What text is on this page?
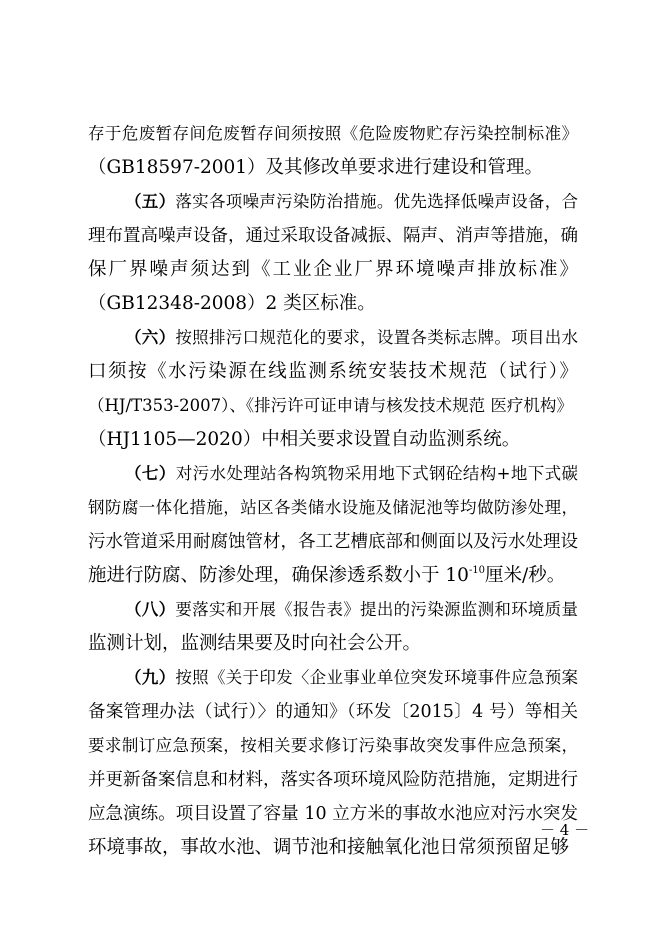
存于危废暂存间危废暂存间须按照《危险废物贮存污染控制标准》
（GB18597-2001）及其修改单要求进行建设和管理。
（五）落实各项噪声污染防治措施。优先选择低噪声设备，合
理布置高噪声设备，通过采取设备减振、隔声、消声等措施，确
保厂界噪声须达到《工业企业厂界环境噪声排放标准》
（GB12348-2008）2 类区标准。
（六）按照排污口规范化的要求，设置各类标志牌。项目出水
口须按《水污染源在线监测系统安装技术规范（试行）》
（HJ/T353-2007）、《排污许可证申请与核发技术规范 医疗机构》
（HJ1105—2020）中相关要求设置自动监测系统。
（七）对污水处理站各构筑物采用地下式钢砼结构+地下式碳
钢防腐一体化措施，站区各类储水设施及储泥池等均做防渗处理，
污水管道采用耐腐蚀管材，各工艺槽底部和侧面以及污水处理设
施进行防腐、防渗处理，确保渗透系数小于 $10^{-10}$厘米/秒。
（八）要落实和开展《报告表》提出的污染源监测和环境质量
监测计划，监测结果要及时向社会公开。
（九）按照《关于印发〈企业事业单位突发环境事件应急预案
备案管理办法（试行）〉的通知》（环发〔2015〕4 号）等相关
要求制订应急预案，按相关要求修订污染事故突发事件应急预案，
并更新备案信息和材料，落实各项环境风险防范措施，定期进行
应急演练。项目设置了容量 10 立方米的事故水池应对污水突发
环境事故，事故水池、调节池和接触氧化池日常须预留足够
－ 4 －
